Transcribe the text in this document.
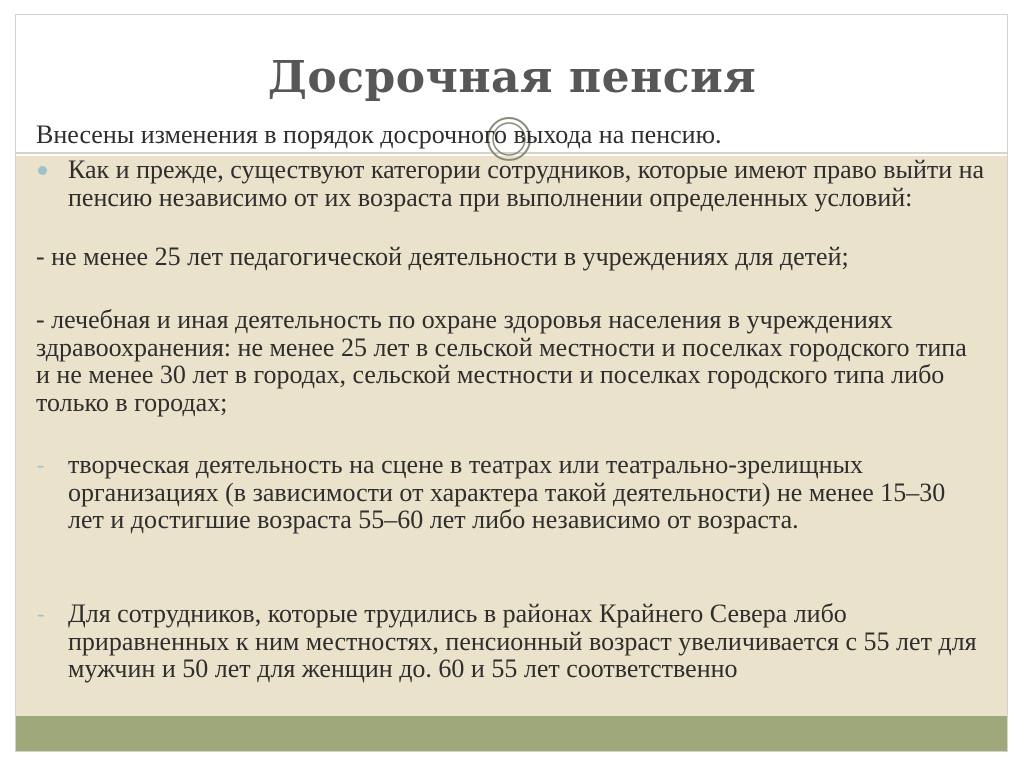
Досрочная пенсия

Внесены изменения в порядок досрочного выхода на пенсию.

Как и прежде, существуют категории сотрудников, которые имеют право выйти на пенсию независимо от их возраста при выполнении определенных условий:

- не менее 25 лет педагогической деятельности в учреждениях для детей;

- лечебная и иная деятельность по охране здоровья населения в учреждениях здравоохранения: не менее 25 лет в сельской местности и поселках городского типа и не менее 30 лет в городах, сельской местности и поселках городского типа либо только в городах;

- творческая деятельность на сцене в театрах или театрально-зрелищных организациях (в зависимости от характера такой деятельности) не менее 15–30 лет и достигшие возраста 55–60 лет либо независимо от возраста.

- Для сотрудников, которые трудились в районах Крайнего Севера либо приравненных к ним местностях, пенсионный возраст увеличивается с 55 лет для мужчин и 50 лет для женщин до. 60 и 55 лет соответственно
